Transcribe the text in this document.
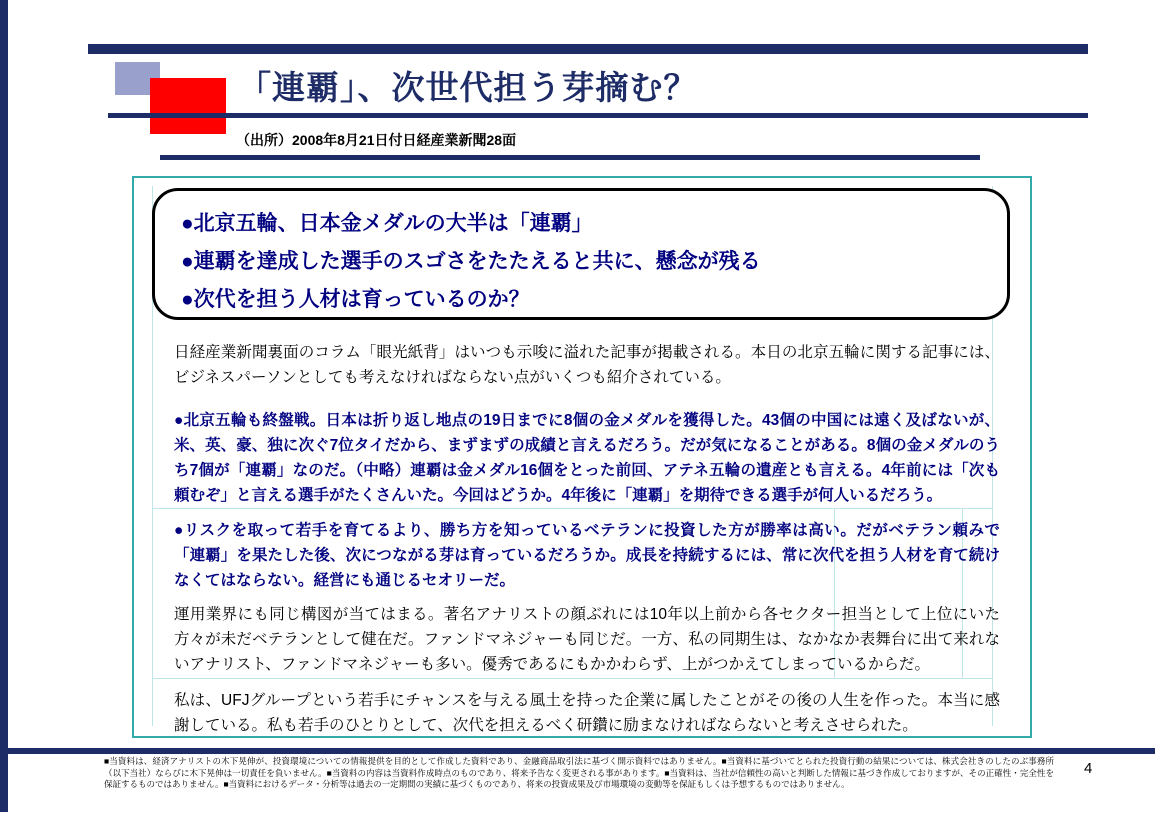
「連覇」、次世代担う芽摘む？
（出所）2008年8月21日付日経産業新聞28面
●北京五輪、日本金メダルの大半は「連覇」
●連覇を達成した選手のスゴさをたたえると共に、懸念が残る
●次代を担う人材は育っているのか？
日経産業新聞裏面のコラム「眼光紙背」はいつも示唆に溢れた記事が掲載される。本日の北京五輪に関する記事には、ビジネスパーソンとしても考えなければならない点がいくつも紹介されている。
●北京五輪も終盤戦。日本は折り返し地点の19日までに8個の金メダルを獲得した。43個の中国には遠く及ばないが、米、英、豪、独に次ぐ7位タイだから、まずまずの成績と言えるだろう。だが気になることがある。8個の金メダルのうち7個が「連覇」なのだ。（中略）連覇は金メダル16個をとった前回、アテネ五輪の遺産とも言える。4年前には「次も頼むぞ」と言える選手がたくさんいた。今回はどうか。4年後に「連覇」を期待できる選手が何人いるだろう。
●リスクを取って若手を育てるより、勝ち方を知っているベテランに投資した方が勝率は高い。だがベテラン頼みで「連覇」を果たした後、次につながる芽は育っているだろうか。成長を持続するには、常に次代を担う人材を育て続けなくてはならない。経営にも通じるセオリーだ。
運用業界にも同じ構図が当てはまる。著名アナリストの顔ぶれには10年以上前から各セクター担当として上位にいた方々が未だベテランとして健在だ。ファンドマネジャーも同じだ。一方、私の同期生は、なかなか表舞台に出て来れないアナリスト、ファンドマネジャーも多い。優秀であるにもかかわらず、上がつかえてしまっているからだ。
私は、UFJグループという若手にチャンスを与える風土を持った企業に属したことがその後の人生を作った。本当に感謝している。私も若手のひとりとして、次代を担えるべく研鑽に励まなければならないと考えさせられた。
■当資料は、経済アナリストの木下晃伸が、投資環境についての情報提供を目的として作成した資料であり、金融商品取引法に基づく開示資料ではありません。■当資料に基づいてとられた投資行動の結果については、株式会社きのしたのぶ事務所（以下当社）ならびに木下晃伸は一切責任を負いません。■当資料の内容は当資料作成時点のものであり、将来予告なく変更される事があります。■当資料は、当社が信頼性の高いと判断した情報に基づき作成しておりますが、その正確性・完全性を保証するものではありません。■当資料におけるデータ・分析等は過去の一定期間の実績に基づくものであり、将来の投資成果及び市場環境の変動等を保証もしくは予想するものではありません。
4
